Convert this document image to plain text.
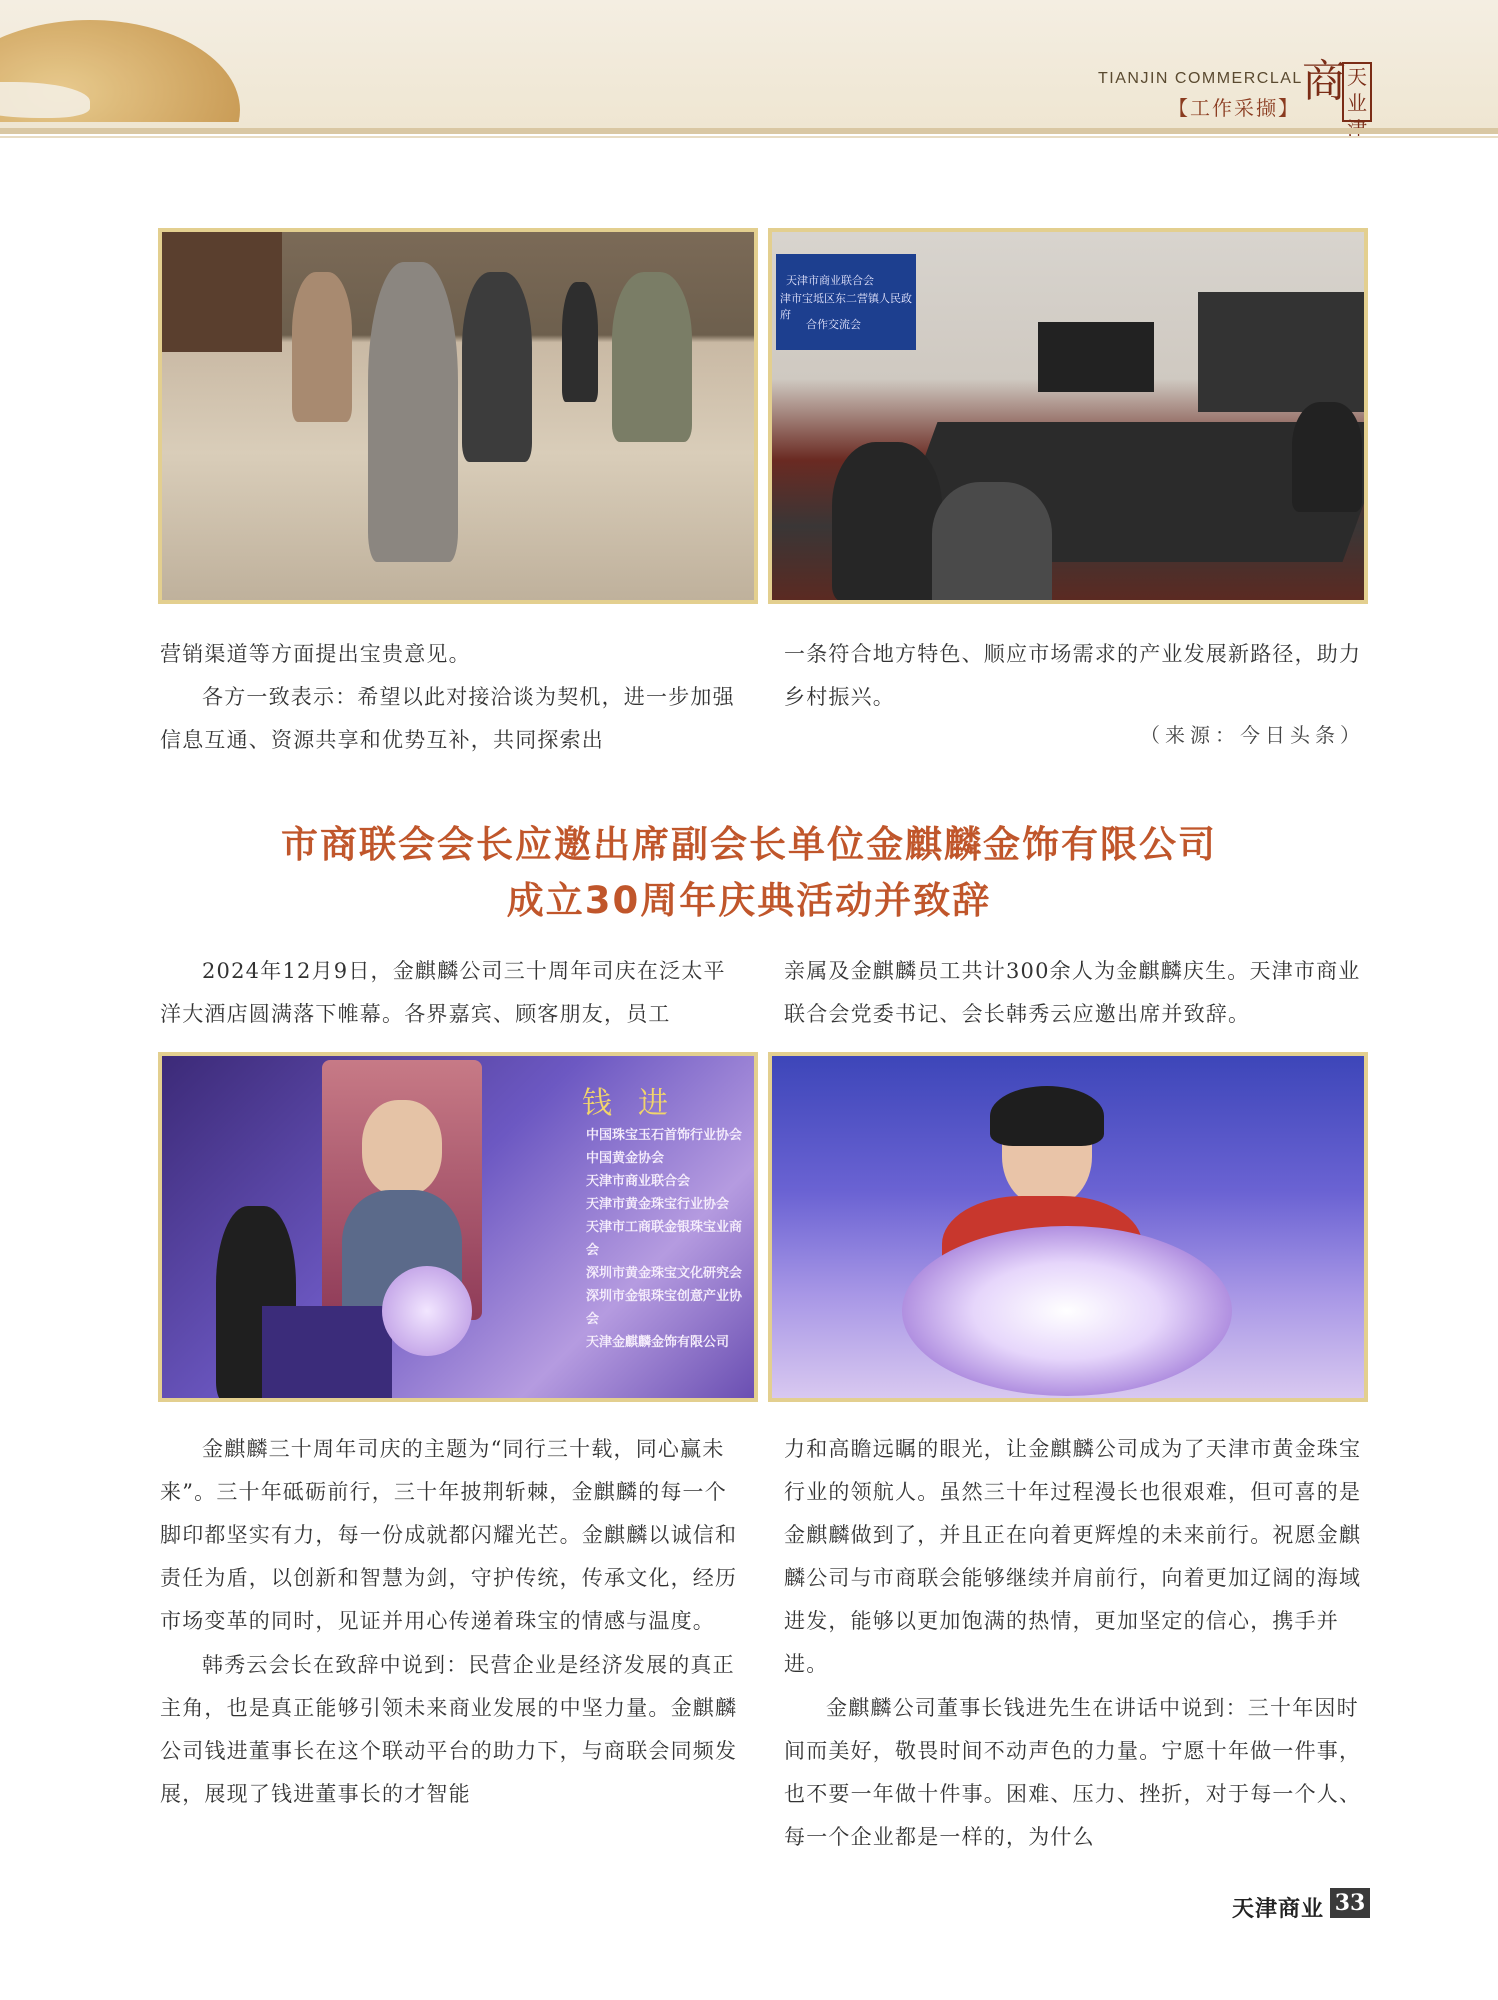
TIANJIN COMMERCLAL
【工作采撷】
商 天业
天津市商业联合会
津市宝坻区东二营镇人民政府
合作交流会

营销渠道等方面提出宝贵意见。

各方一致表示：希望以此对接洽谈为契机，进一步加强信息互通、资源共享和优势互补，共同探索出

一条符合地方特色、顺应市场需求的产业发展新路径，助力乡村振兴。

（来源：今日头条）
市商联会会长应邀出席副会长单位金麒麟金饰有限公司
成立30周年庆典活动并致辞

2024年12月9日，金麒麟公司三十周年司庆在泛太平洋大酒店圆满落下帷幕。各界嘉宾、顾客朋友，员工

亲属及金麒麟员工共计300余人为金麒麟庆生。天津市商业联合会党委书记、会长韩秀云应邀出席并致辞。

钱进
中国珠宝玉石首饰行业协会
中国黄金协会
天津市商业联合会
天津市黄金珠宝行业协会
天津市工商联金银珠宝业商会
深圳市黄金珠宝文化研究会
深圳市金银珠宝创意产业协会
天津金麒麟金饰有限公司

金麒麟三十周年司庆的主题为“同行三十载，同心赢未来”。三十年砥砺前行，三十年披荆斩棘，金麒麟的每一个脚印都坚实有力，每一份成就都闪耀光芒。金麒麟以诚信和责任为盾，以创新和智慧为剑，守护传统，传承文化，经历市场变革的同时，见证并用心传递着珠宝的情感与温度。

韩秀云会长在致辞中说到：民营企业是经济发展的真正主角，也是真正能够引领未来商业发展的中坚力量。金麒麟公司钱进董事长在这个联动平台的助力下，与商联会同频发展，展现了钱进董事长的才智能

力和高瞻远瞩的眼光，让金麒麟公司成为了天津市黄金珠宝行业的领航人。虽然三十年过程漫长也很艰难，但可喜的是金麒麟做到了，并且正在向着更辉煌的未来前行。祝愿金麒麟公司与市商联会能够继续并肩前行，向着更加辽阔的海域进发，能够以更加饱满的热情，更加坚定的信心，携手并进。

金麒麟公司董事长钱进先生在讲话中说到：三十年因时间而美好，敬畏时间不动声色的力量。宁愿十年做一件事，也不要一年做十件事。困难、压力、挫折，对于每一个人、每一个企业都是一样的，为什么

天津商业 33
